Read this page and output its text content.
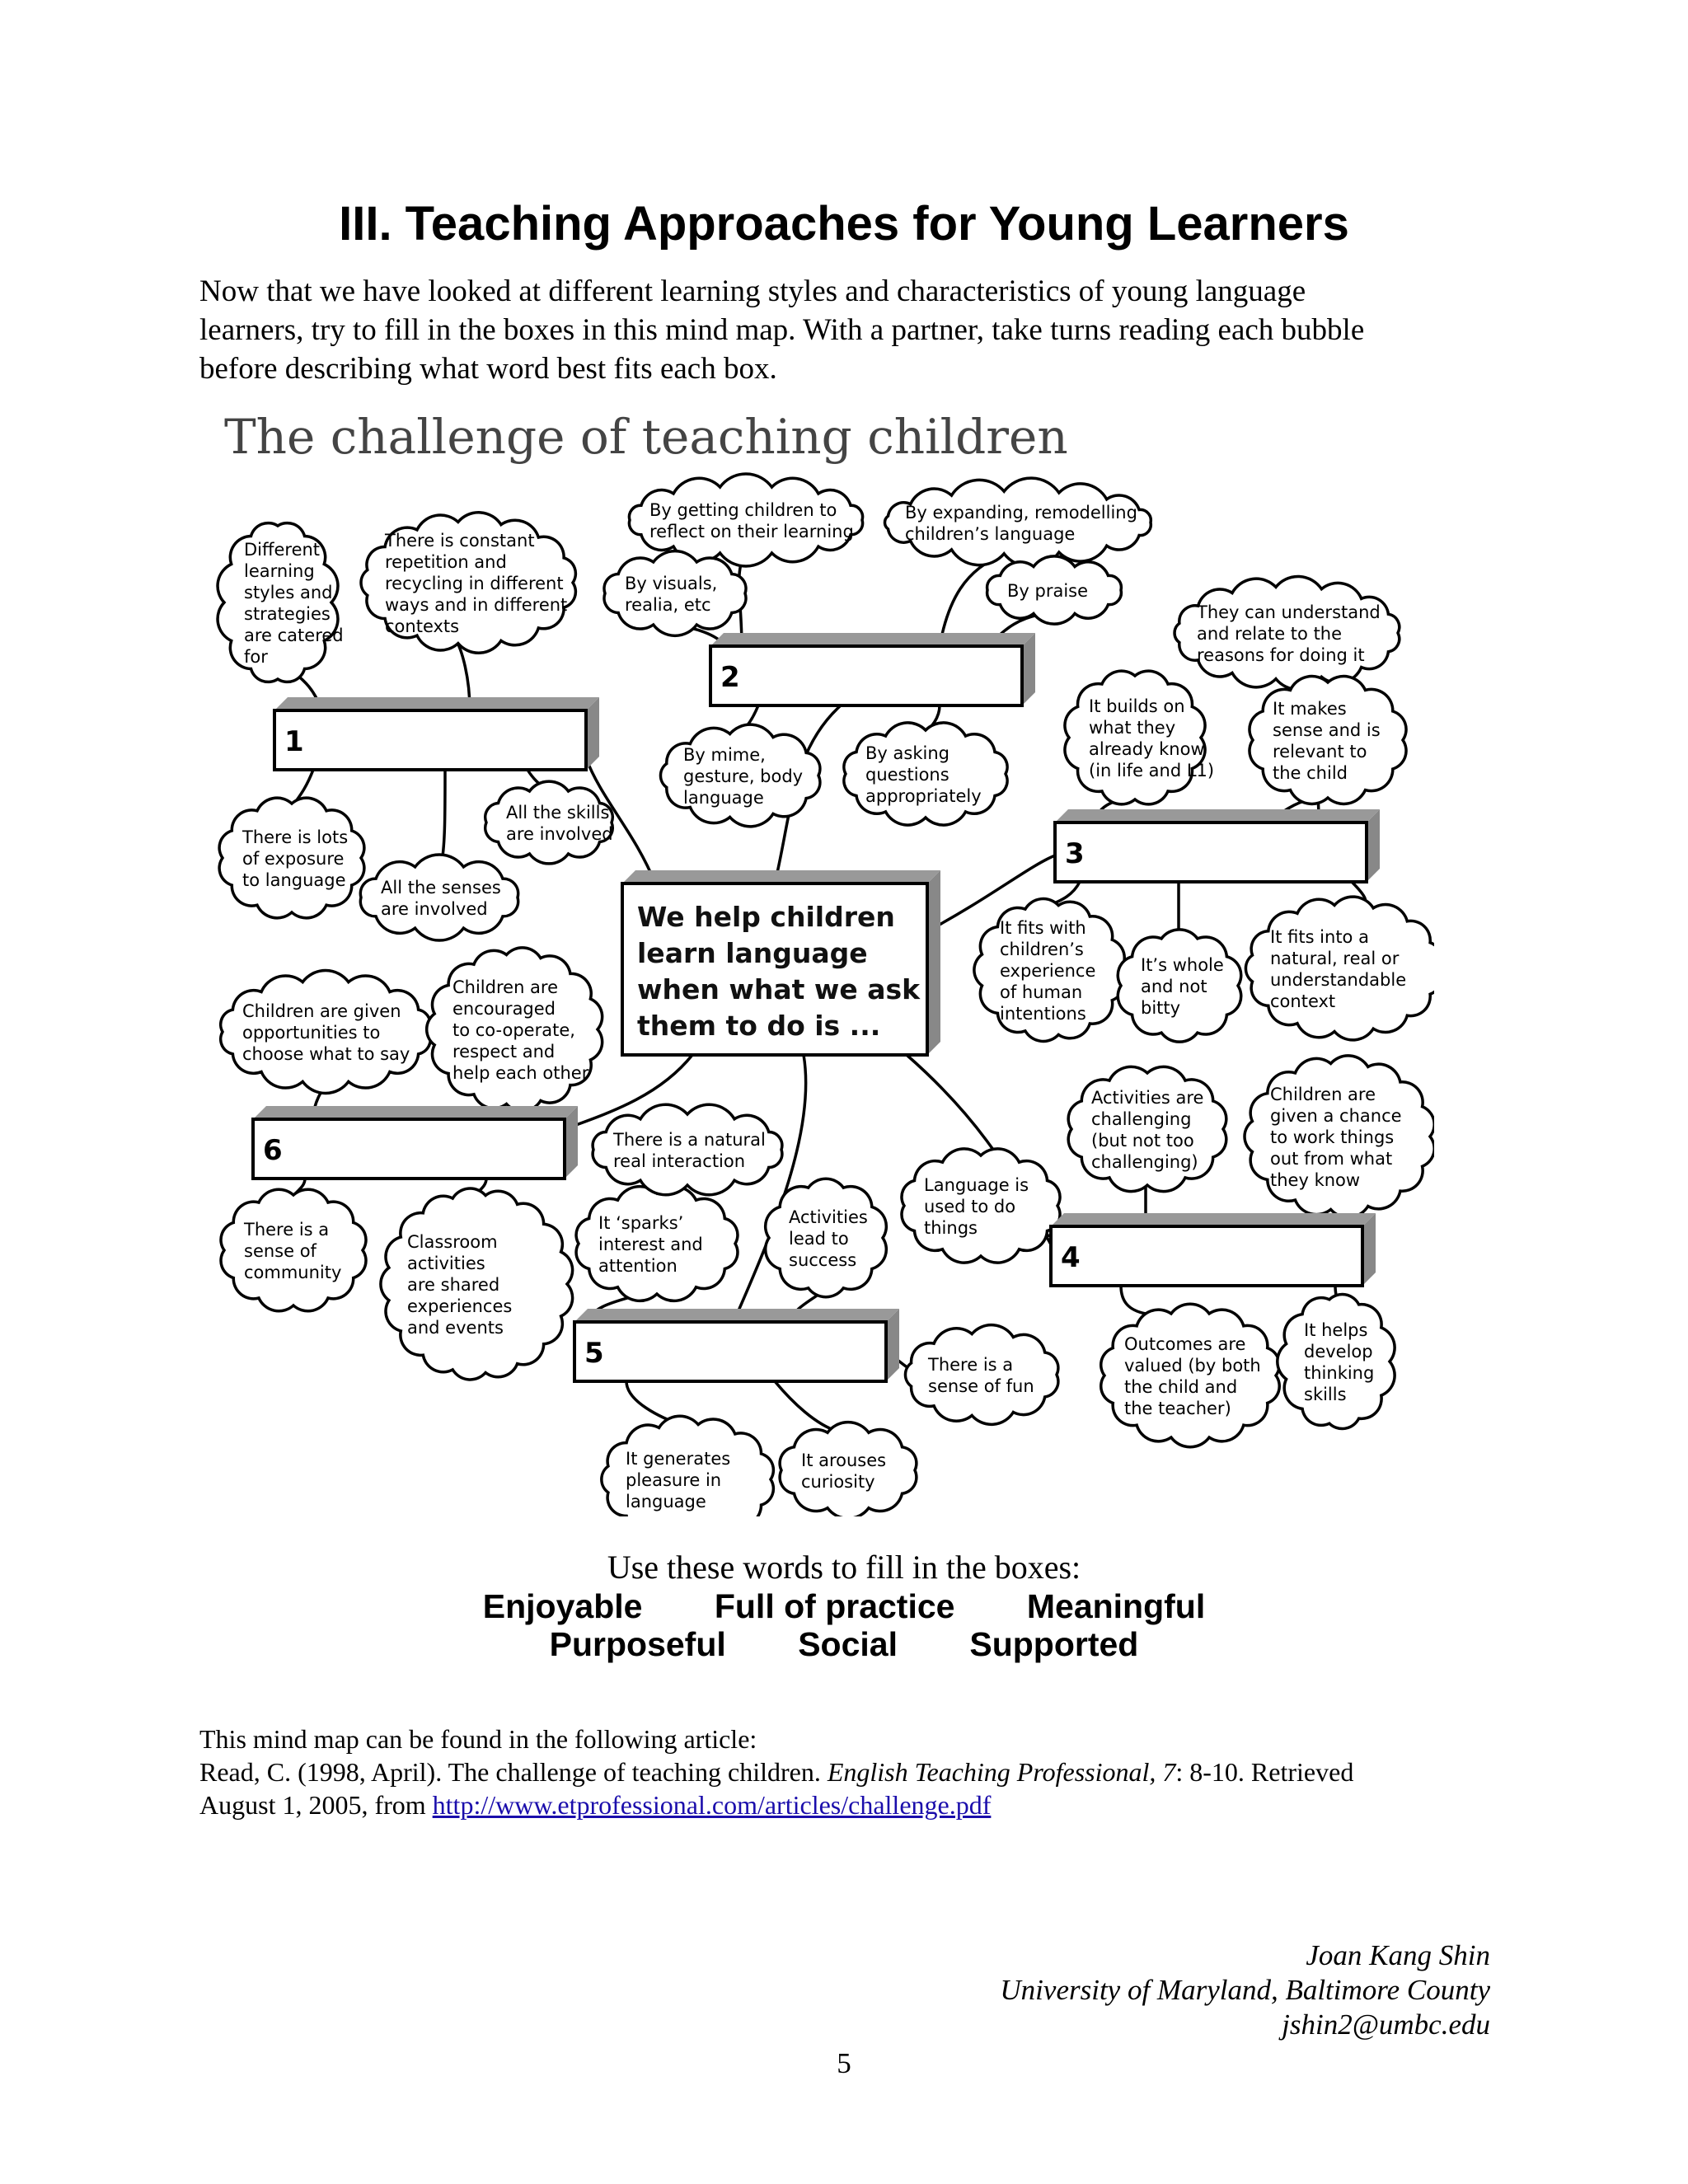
III. Teaching Approaches for Young Learners
Now that we have looked at different learning styles and characteristics of young language
learners, try to fill in the boxes in this mind map. With a partner, take turns reading each bubble
before describing what word best fits each box.
Different
learning
styles and
strategies
are catered
for
There is constant
repetition and
recycling in different
ways and in different
contexts
There is lots
of exposure
to language All the senses
are involved
All the skills
are involved
By getting children to
reflect on their learning
By expanding, remodelling
children’s language
By visuals,
realia, etc
By praise
By mime,
gesture, body
language
By asking
questions
appropriately
They can understand
and relate to the
reasons for doing it
It builds on
what they
already know
(in life and L1)
It makes
sense and is
relevant to
the child
It fits with
children’s
experience
of human
intentions
It’s whole
and not
bitty
It fits into a
natural, real or
understandable
context
Activities are
challenging
(but not too
challenging)
Children are
given a chance
to work things
out from what
they know
Language is
used to do
things
Outcomes are
valued (by both
the child and
the teacher)
It helps
develop
thinking
skills
It ‘sparks’
interest and
attention
Activities
lead to
success
There is a
sense of fun
It generates
pleasure in
language
It arouses
curiosity
Children are given
opportunities to
choose what to say
Children are
encouraged
to co-operate,
respect and
help each other
There is a natural
real interaction
There is a
sense of
community
Classroom
activities
are shared
experiences
and events
1
2
3
4
5
6
We help children
learn language
when what we ask
them to do is ...
The challenge of teaching children
Use these words to fill in the boxes:
Enjoyable Full of practice Meaningful
Purposeful Social Supported
This mind map can be found in the following article:
Read, C. (1998, April). The challenge of teaching children. English Teaching Professional, 7: 8-10. Retrieved
August 1, 2005, from http://www.etprofessional.com/articles/challenge.pdf
Joan Kang Shin
University of Maryland, Baltimore County
jshin2@umbc.edu
5
